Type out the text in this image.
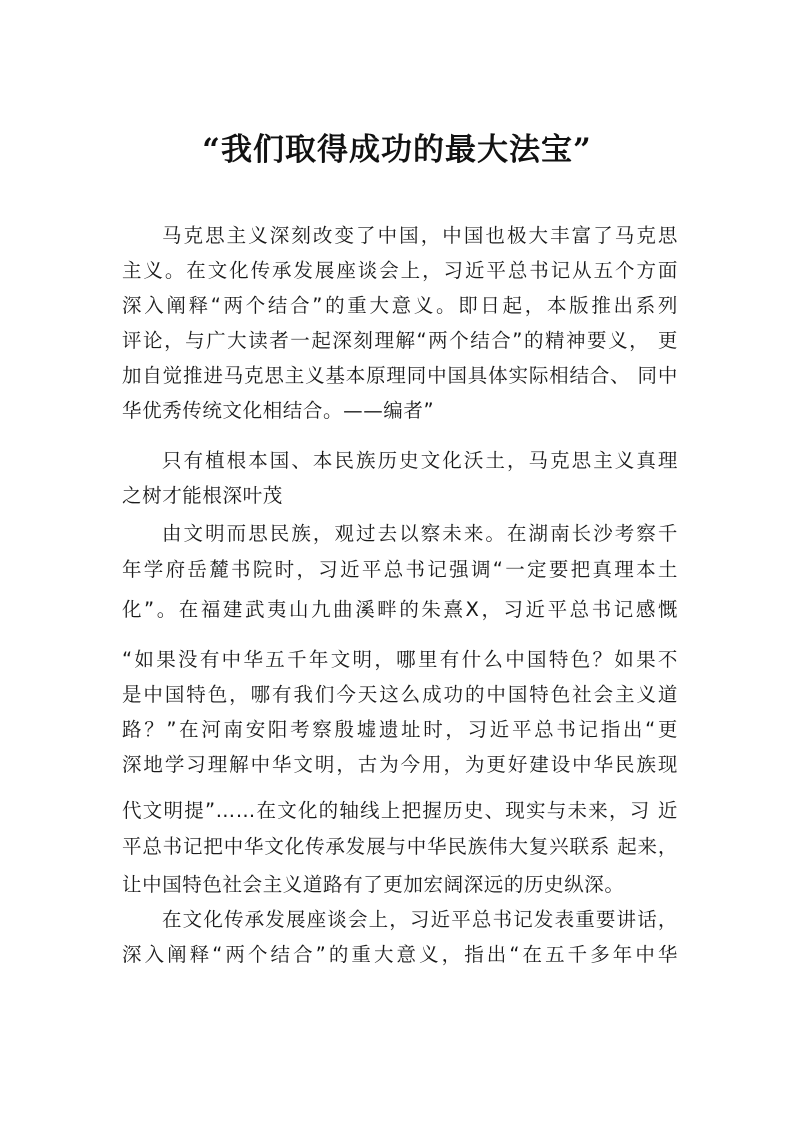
“我们取得成功的最大法宝”

马克思主义深刻改变了中国，中国也极大丰富了马克思

主义。在文化传承发展座谈会上，习近平总书记从五个方面

深入阐释“两个结合”的重大意义。即日起，本版推出系列

评论，与广大读者一起深刻理解“两个结合”的精神要义， 更

加自觉推进马克思主义基本原理同中国具体实际相结合、 同中

华优秀传统文化相结合。——编者”

只有植根本国、本民族历史文化沃土，马克思主义真理

之树才能根深叶茂

由文明而思民族，观过去以察未来。在湖南长沙考察千

年学府岳麓书院时，习近平总书记强调“一定要把真理本土

化”。在福建武夷山九曲溪畔的朱熹X，习近平总书记感慨

“如果没有中华五千年文明，哪里有什么中国特色？如果不

是中国特色，哪有我们今天这么成功的中国特色社会主义道

路？”在河南安阳考察殷墟遗址时，习近平总书记指出“更

深地学习理解中华文明，古为今用，为更好建设中华民族现

代文明提”……在文化的轴线上把握历史、现实与未来，习 近

平总书记把中华文化传承发展与中华民族伟大复兴联系 起来，

让中国特色社会主义道路有了更加宏阔深远的历史纵深。

在文化传承发展座谈会上，习近平总书记发表重要讲话，

深入阐释“两个结合”的重大意义，指出“在五千多年中华
